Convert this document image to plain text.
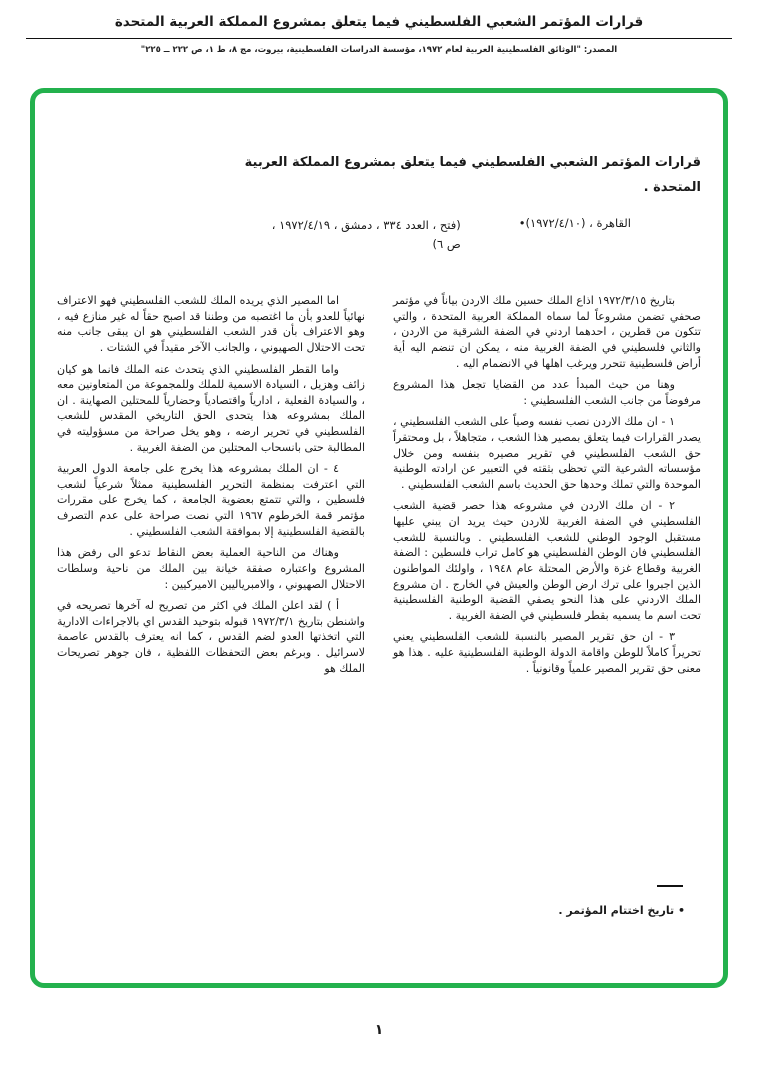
قرارات المؤتمر الشعبي الفلسطيني فيما يتعلق بمشروع المملكة العربية المتحدة
المصدر: "الوثائق الفلسطينية العربية لعام ١٩٧٢، مؤسسة الدراسات الفلسطينية، بيروت، مج ٨، ط ١، ص ٢٢٢ ــ ٢٢٥"
قرارات المؤتمر الشعبي الفلسطيني فيما يتعلق بمشروع المملكة العربية المتحدة .
القاهرة ، (١٩٧٢/٤/١٠)•
(فتح ، العدد ٣٣٤ ، دمشق ، ١٩٧٢/٤/١٩ ، ص ٦)

بتاريخ ١٩٧٢/٣/١٥ اذاع الملك حسين ملك الاردن بياناً في مؤتمر صحفي تضمن مشروعاً لما سماه المملكة العربية المتحدة ، والتي تتكون من قطرين ، احدهما اردني في الضفة الشرقية من الاردن ، والثاني فلسطيني في الضفة الغربية منه ، يمكن ان تنضم اليه أية أراض فلسطينية تتحرر ويرغب اهلها في الانضمام اليه .

وهنا من حيث المبدأ عدد من القضايا تجعل هذا المشروع مرفوضاً من جانب الشعب الفلسطيني :

١ - ان ملك الاردن نصب نفسه وصياً على الشعب الفلسطيني ، يصدر القرارات فيما يتعلق بمصير هذا الشعب ، متجاهلاً ، بل ومحتقراً حق الشعب الفلسطيني في تقرير مصيره بنفسه ومن خلال مؤسساته الشرعية التي تحظى بثقته في التعبير عن ارادته الوطنية الموحدة والتي تملك وحدها حق الحديث باسم الشعب الفلسطيني .

٢ - ان ملك الاردن في مشروعه هذا حصر قضية الشعب الفلسطيني في الضفة الغربية للاردن حيث يريد ان يبني عليها مستقبل الوجود الوطني للشعب الفلسطيني . وبالنسبة للشعب الفلسطيني فان الوطن الفلسطيني هو كامل تراب فلسطين : الضفة الغربية وقطاع غزة والأرض المحتلة عام ١٩٤٨ ، واولئك المواطنون الذين اجبروا على ترك ارض الوطن والعيش في الخارج . ان مشروع الملك الاردني على هذا النحو يصفي القضية الوطنية الفلسطينية تحت اسم ما يسميه بقطر فلسطيني في الضفة الغربية .

٣ - ان حق تقرير المصير بالنسبة للشعب الفلسطيني يعني تحريراً كاملاً للوطن واقامة الدولة الوطنية الفلسطينية عليه . هذا هو معنى حق تقرير المصير علمياً وقانونياً .

اما المصير الذي يريده الملك للشعب الفلسطيني فهو الاعتراف نهائياً للعدو بأن ما اغتصبه من وطننا قد اصبح حقاً له غير منازع فيه ، وهو الاعتراف بأن قدر الشعب الفلسطيني هو ان يبقى جانب منه تحت الاحتلال الصهيوني ، والجانب الآخر مقيداً في الشتات .

واما القطر الفلسطيني الذي يتحدث عنه الملك فانما هو كيان زائف وهزيل ، السيادة الاسمية للملك وللمجموعة من المتعاونين معه ، والسيادة الفعلية ، ادارياً واقتصادياً وحضارياً للمحتلين الصهاينة . ان الملك بمشروعه هذا يتحدى الحق التاريخي المقدس للشعب الفلسطيني في تحرير ارضه ، وهو يخل صراحة من مسؤوليته في المطالبة حتى بانسحاب المحتلين من الضفة الغربية .

٤ - ان الملك بمشروعه هذا يخرج على جامعة الدول العربية التي اعترفت بمنظمة التحرير الفلسطينية ممثلاً شرعياً لشعب فلسطين ، والتي تتمتع بعضوية الجامعة ، كما يخرج على مقررات مؤتمر قمة الخرطوم ١٩٦٧ التي نصت صراحة على عدم التصرف بالقضية الفلسطينية إلا بموافقة الشعب الفلسطيني .

وهناك من الناحية العملية بعض النقاط تدعو الى رفض هذا المشروع واعتباره صفقة خيانة بين الملك من ناحية وسلطات الاحتلال الصهيوني ، والامبرياليين الاميركيين :

أ ) لقد اعلن الملك في اكثر من تصريح له آخرها تصريحه في واشنطن بتاريخ ١٩٧٢/٣/١ قبوله بتوحيد القدس اي بالاجراءات الادارية التي اتخذتها العدو لضم القدس ، كما انه يعترف بالقدس عاصمة لاسرائيل . وبرغم بعض التحفظات اللفظية ، فان جوهر تصريحات الملك هو

• تاريخ اختتام المؤتمر .
١
